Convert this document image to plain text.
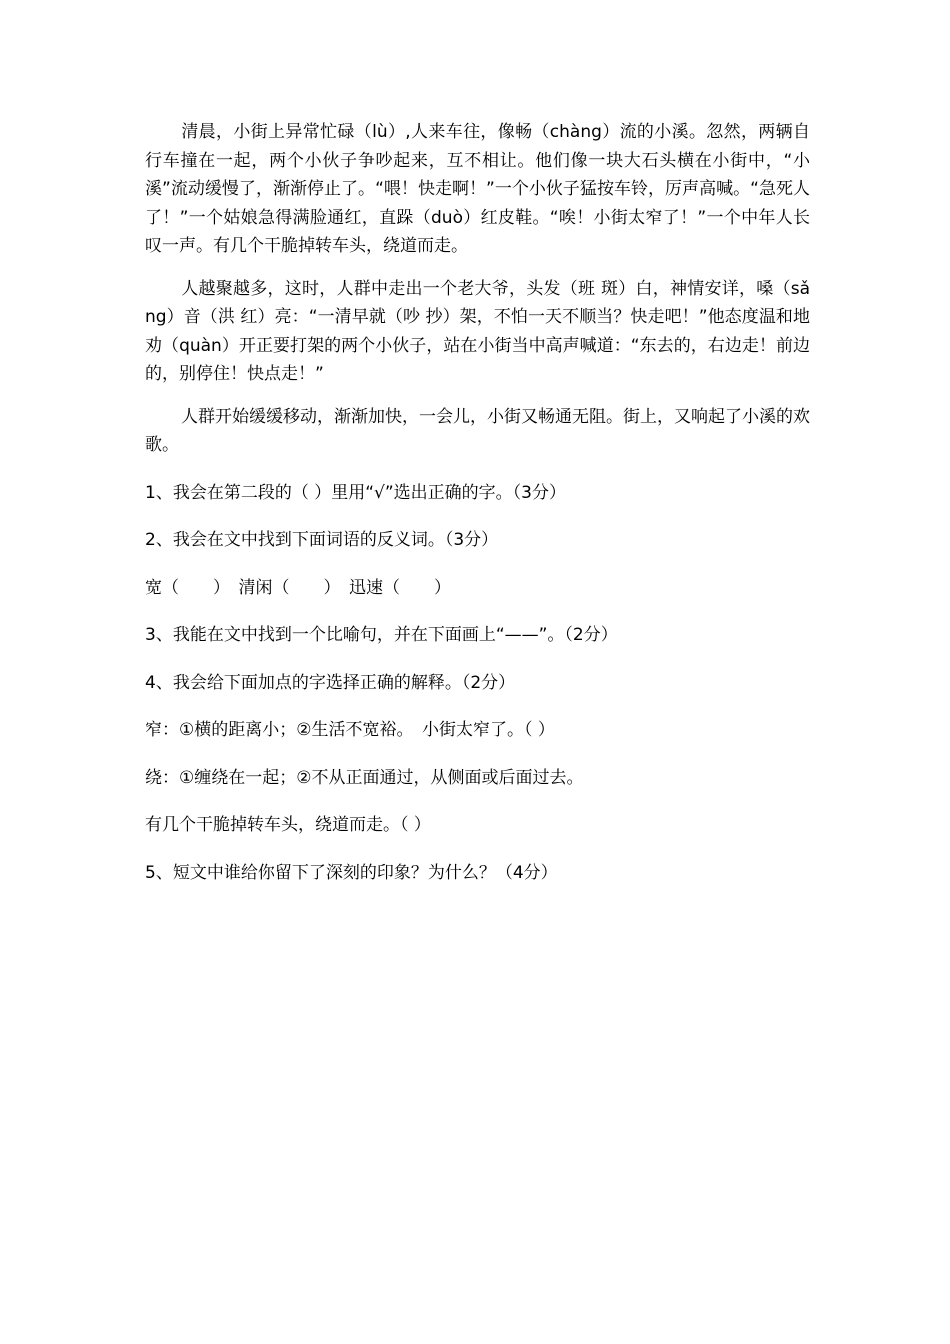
清晨，小街上异常忙碌（lù）,人来车往，像畅（chàng）流的小溪。忽然，两辆自行车撞在一起，两个小伙子争吵起来，互不相让。他们像一块大石头横在小街中，“小溪”流动缓慢了，渐渐停止了。“喂！快走啊！”一个小伙子猛按车铃，厉声高喊。“急死人了！”一个姑娘急得满脸通红，直跺（duò）红皮鞋。“唉！小街太窄了！”一个中年人长叹一声。有几个干脆掉转车头，绕道而走。

人越聚越多，这时，人群中走出一个老大爷，头发（班 斑）白，神情安详，嗓（sǎng）音（洪 红）亮：“一清早就（吵 抄）架，不怕一天不顺当？快走吧！”他态度温和地劝（quàn）开正要打架的两个小伙子，站在小街当中高声喊道：“东去的，右边走！前边的，别停住！快点走！”

人群开始缓缓移动，渐渐加快，一会儿，小街又畅通无阻。街上，又响起了小溪的欢歌。

1、我会在第二段的（ ）里用“√”选出正确的字。（3分）

2、我会在文中找到下面词语的反义词。（3分）

宽（　　）　清闲（　　）　迅速（　　）

3、我能在文中找到一个比喻句，并在下面画上“——”。（2分）

4、我会给下面加点的字选择正确的解释。（2分）

窄：①横的距离小；②生活不宽裕。　小街太窄了。（ ）

绕：①缠绕在一起；②不从正面通过，从侧面或后面过去。

有几个干脆掉转车头，绕道而走。（ ）

5、短文中谁给你留下了深刻的印象？为什么？（4分）
